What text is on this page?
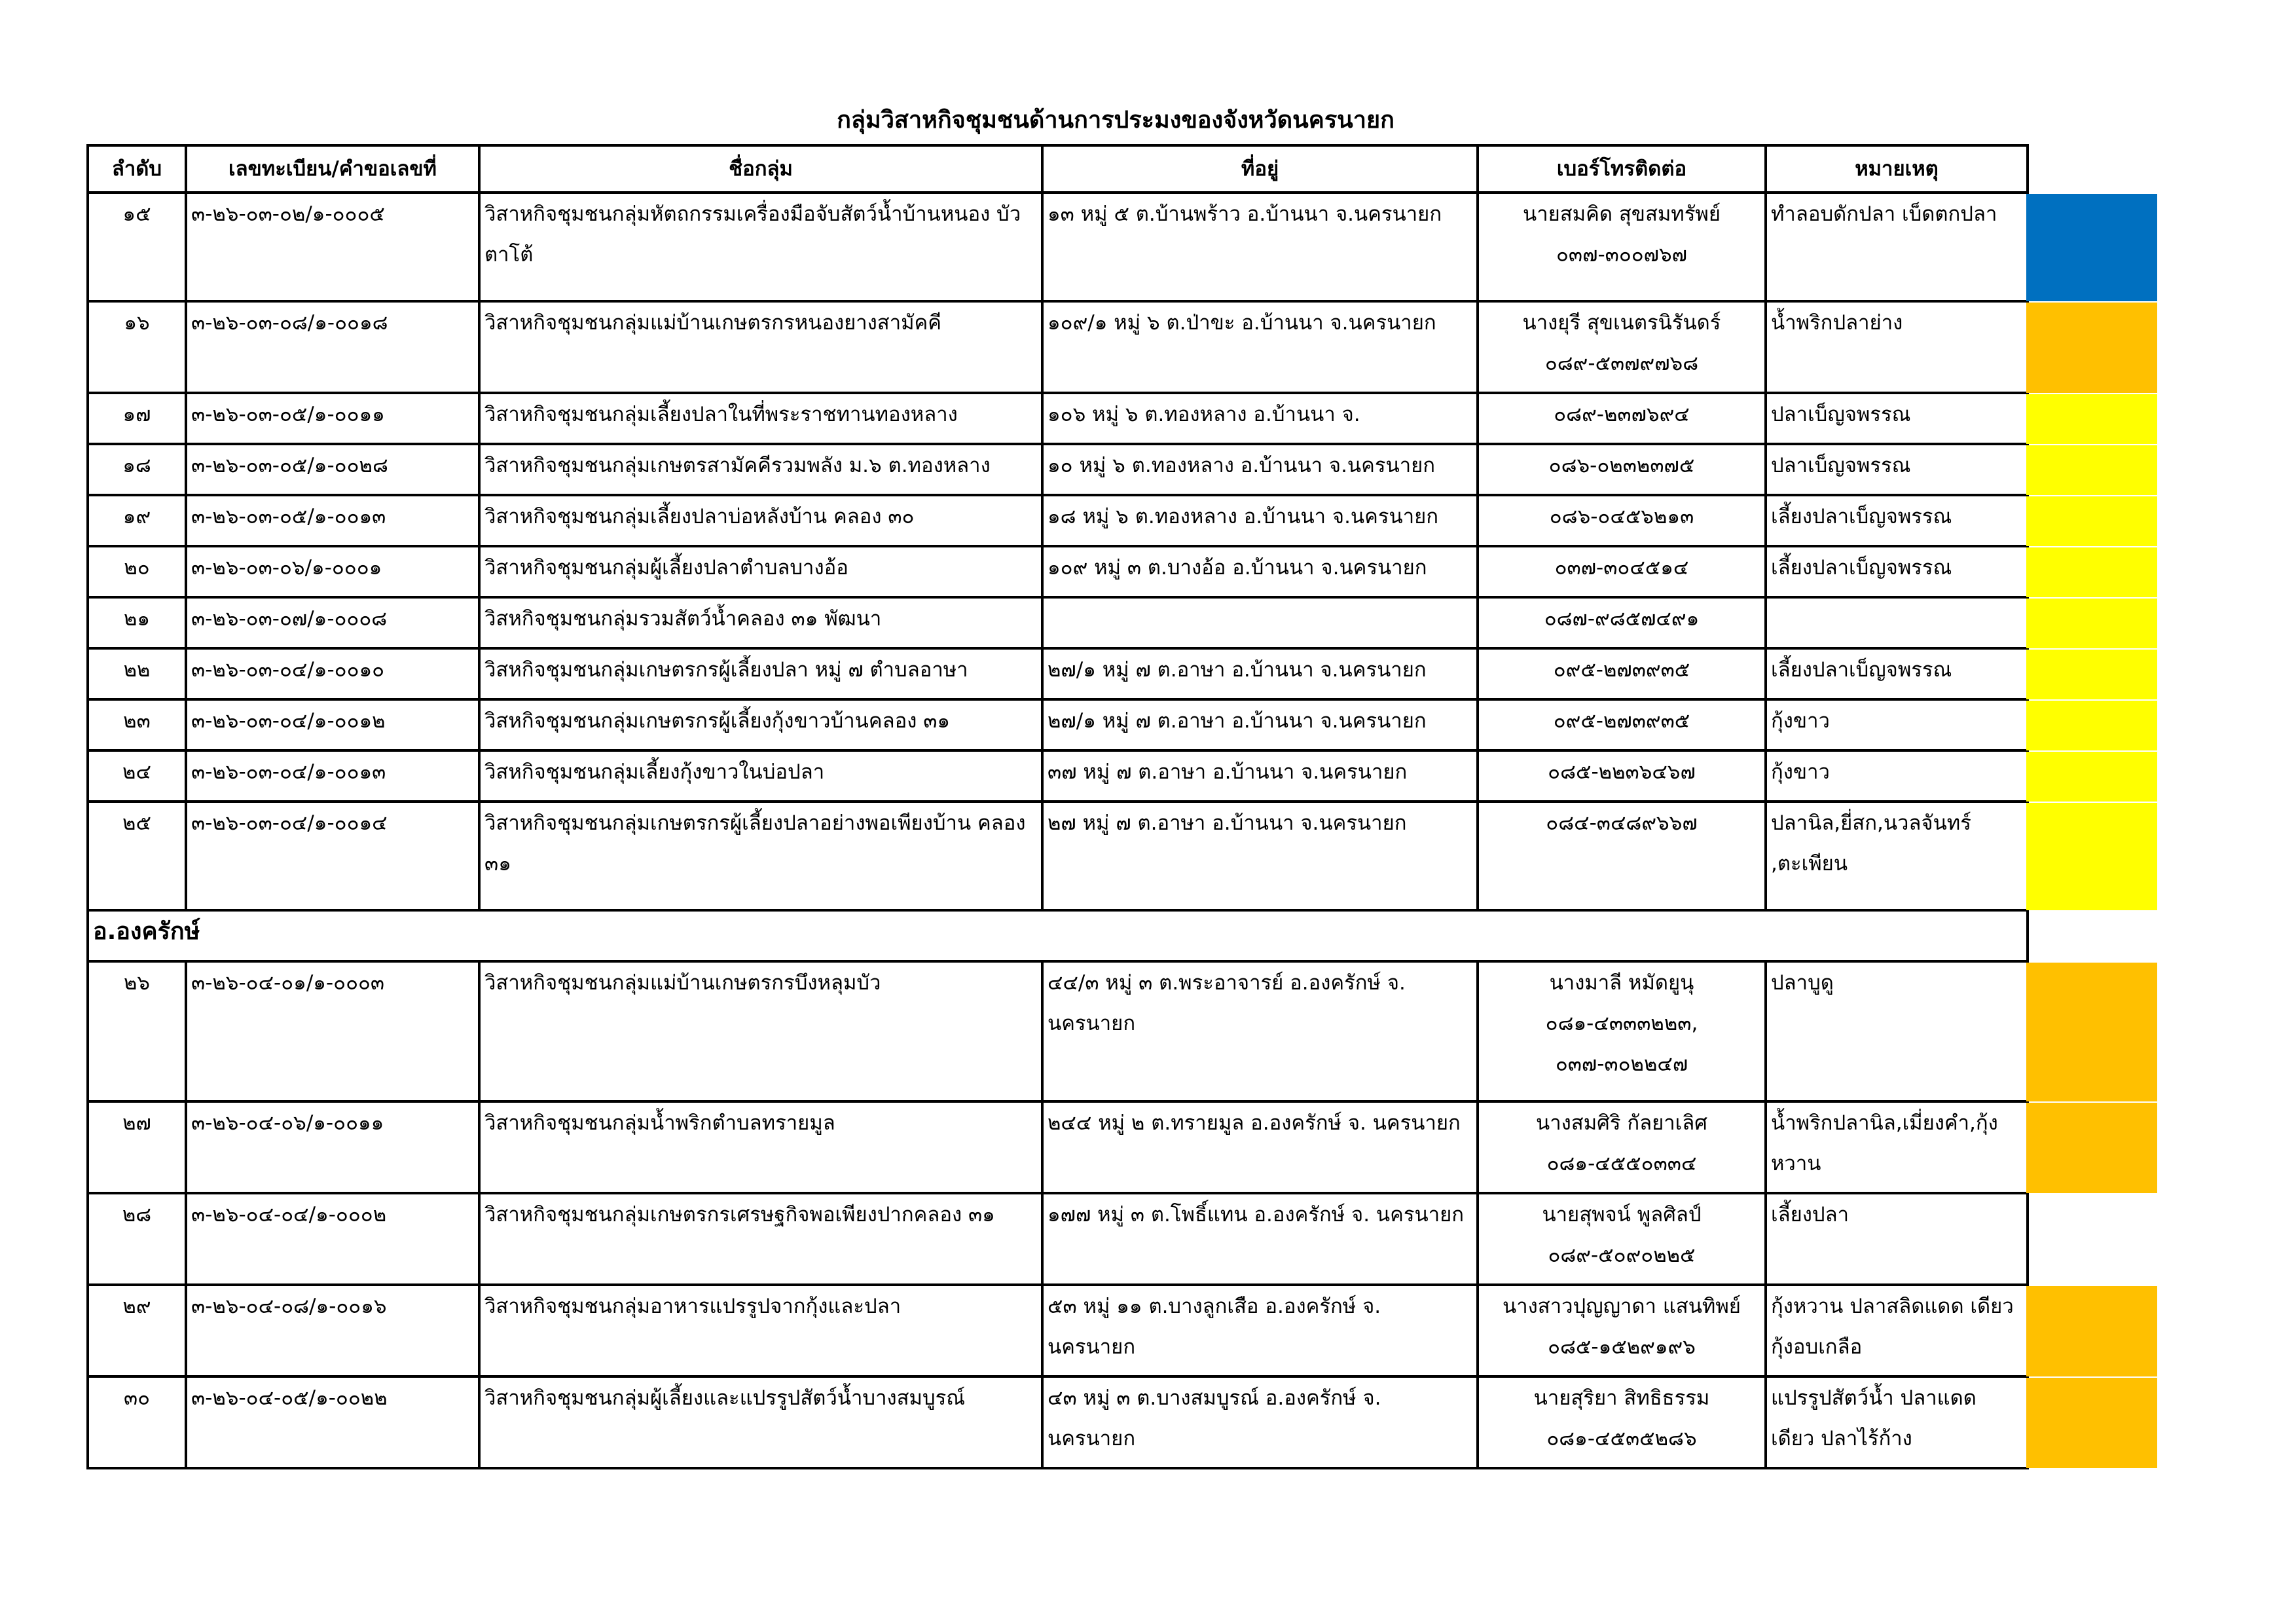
กลุ่มวิสาหกิจชุมชนด้านการประมงของจังหวัดนครนายก
ลำดับ	เลขทะเบียน/คำขอเลขที่	ชื่อกลุ่ม	ที่อยู่	เบอร์โทรติดต่อ	หมายเหตุ
๑๕	๓-๒๖-๐๓-๐๒/๑-๐๐๐๕	วิสาหกิจชุมชนกลุ่มหัตถกรรมเครื่องมือจับสัตว์น้ำบ้านหนอง บัวตาโต้	๑๓ หมู่ ๕ ต.บ้านพร้าว อ.บ้านนา จ.นครนายก	นายสมคิด สุขสมทรัพย์ ๐๓๗-๓๐๐๗๖๗	ทำลอบดักปลา เบ็ดตกปลา
๑๖	๓-๒๖-๐๓-๐๘/๑-๐๐๑๘	วิสาหกิจชุมชนกลุ่มแม่บ้านเกษตรกรหนองยางสามัคคี	๑๐๙/๑ หมู่ ๖ ต.ป่าขะ อ.บ้านนา จ.นครนายก	นางยุรี สุขเนตรนิรันดร์ ๐๘๙-๕๓๗๙๗๖๘	น้ำพริกปลาย่าง
๑๗	๓-๒๖-๐๓-๐๕/๑-๐๐๑๑	วิสาหกิจชุมชนกลุ่มเลี้ยงปลาในที่พระราชทานทองหลาง	๑๐๖ หมู่ ๖ ต.ทองหลาง อ.บ้านนา จ.	๐๘๙-๒๓๗๖๙๔	ปลาเบ็ญจพรรณ
๑๘	๓-๒๖-๐๓-๐๕/๑-๐๐๒๘	วิสาหกิจชุมชนกลุ่มเกษตรสามัคคีรวมพลัง ม.๖ ต.ทองหลาง	๑๐ หมู่ ๖ ต.ทองหลาง อ.บ้านนา จ.นครนายก	๐๘๖-๐๒๓๒๓๗๕	ปลาเบ็ญจพรรณ
๑๙	๓-๒๖-๐๓-๐๕/๑-๐๐๑๓	วิสาหกิจชุมชนกลุ่มเลี้ยงปลาบ่อหลังบ้าน คลอง ๓๐	๑๘ หมู่ ๖ ต.ทองหลาง อ.บ้านนา จ.นครนายก	๐๘๖-๐๔๕๖๒๑๓	เลี้ยงปลาเบ็ญจพรรณ
๒๐	๓-๒๖-๐๓-๐๖/๑-๐๐๐๑	วิสาหกิจชุมชนกลุ่มผู้เลี้ยงปลาตำบลบางอ้อ	๑๐๙ หมู่ ๓ ต.บางอ้อ อ.บ้านนา จ.นครนายก	๐๓๗-๓๐๔๕๑๔	เลี้ยงปลาเบ็ญจพรรณ
๒๑	๓-๒๖-๐๓-๐๗/๑-๐๐๐๘	วิสหกิจชุมชนกลุ่มรวมสัตว์น้ำคลอง ๓๑ พัฒนา		๐๘๗-๙๘๕๗๔๙๑	
๒๒	๓-๒๖-๐๓-๐๔/๑-๐๐๑๐	วิสหกิจชุมชนกลุ่มเกษตรกรผู้เลี้ยงปลา หมู่ ๗ ตำบลอาษา	๒๗/๑ หมู่ ๗ ต.อาษา อ.บ้านนา จ.นครนายก	๐๙๕-๒๗๓๙๓๕	เลี้ยงปลาเบ็ญจพรรณ
๒๓	๓-๒๖-๐๓-๐๔/๑-๐๐๑๒	วิสหกิจชุมชนกลุ่มเกษตรกรผู้เลี้ยงกุ้งขาวบ้านคลอง ๓๑	๒๗/๑ หมู่ ๗ ต.อาษา อ.บ้านนา จ.นครนายก	๐๙๕-๒๗๓๙๓๕	กุ้งขาว
๒๔	๓-๒๖-๐๓-๐๔/๑-๐๐๑๓	วิสหกิจชุมชนกลุ่มเลี้ยงกุ้งขาวในบ่อปลา	๓๗ หมู่ ๗ ต.อาษา อ.บ้านนา จ.นครนายก	๐๘๕-๒๒๓๖๔๖๗	กุ้งขาว
๒๕	๓-๒๖-๐๓-๐๔/๑-๐๐๑๔	วิสาหกิจชุมชนกลุ่มเกษตรกรผู้เลี้ยงปลาอย่างพอเพียงบ้าน คลอง ๓๑	๒๗ หมู่ ๗ ต.อาษา อ.บ้านนา จ.นครนายก	๐๘๔-๓๔๘๙๖๖๗	ปลานิล,ยี่สก,นวลจันทร์ ,ตะเพียน
อ.องครักษ์					
๒๖	๓-๒๖-๐๔-๐๑/๑-๐๐๐๓	วิสาหกิจชุมชนกลุ่มแม่บ้านเกษตรกรบึงหลุมบัว	๔๔/๓ หมู่ ๓ ต.พระอาจารย์ อ.องครักษ์ จ. นครนายก	นางมาลี หมัดยูนุ ๐๘๑-๔๓๓๓๒๒๓, ๐๓๗-๓๐๒๒๔๗	ปลาบูดู
๒๗	๓-๒๖-๐๔-๐๖/๑-๐๐๑๑	วิสาหกิจชุมชนกลุ่มน้ำพริกตำบลทรายมูล	๒๔๔ หมู่ ๒ ต.ทรายมูล อ.องครักษ์ จ. นครนายก	นางสมศิริ กัลยาเลิศ ๐๘๑-๔๕๕๐๓๓๔	น้ำพริกปลานิล,เมี่ยงคำ,กุ้ง หวาน
๒๘	๓-๒๖-๐๔-๐๔/๑-๐๐๐๒	วิสาหกิจชุมชนกลุ่มเกษตรกรเศรษฐกิจพอเพียงปากคลอง ๓๑	๑๗๗ หมู่ ๓ ต.โพธิ์แทน อ.องครักษ์ จ. นครนายก	นายสุพจน์ พูลศิลป์ ๐๘๙-๕๐๙๐๒๒๕	เลี้ยงปลา
๒๙	๓-๒๖-๐๔-๐๘/๑-๐๐๑๖	วิสาหกิจชุมชนกลุ่มอาหารแปรรูปจากกุ้งและปลา	๕๓ หมู่ ๑๑ ต.บางลูกเสือ อ.องครักษ์ จ. นครนายก	นางสาวปุญญาดา แสนทิพย์ ๐๘๕-๑๕๒๙๑๙๖	กุ้งหวาน ปลาสลิดแดด เดียว กุ้งอบเกลือ
๓๐	๓-๒๖-๐๔-๐๕/๑-๐๐๒๒	วิสาหกิจชุมชนกลุ่มผู้เลี้ยงและแปรรูปสัตว์น้ำบางสมบูรณ์	๔๓ หมู่ ๓ ต.บางสมบูรณ์ อ.องครักษ์ จ. นครนายก	นายสุริยา สิทธิธรรม ๐๘๑-๔๕๓๕๒๘๖	แปรรูปสัตว์น้ำ ปลาแดด เดียว ปลาไร้ก้าง
